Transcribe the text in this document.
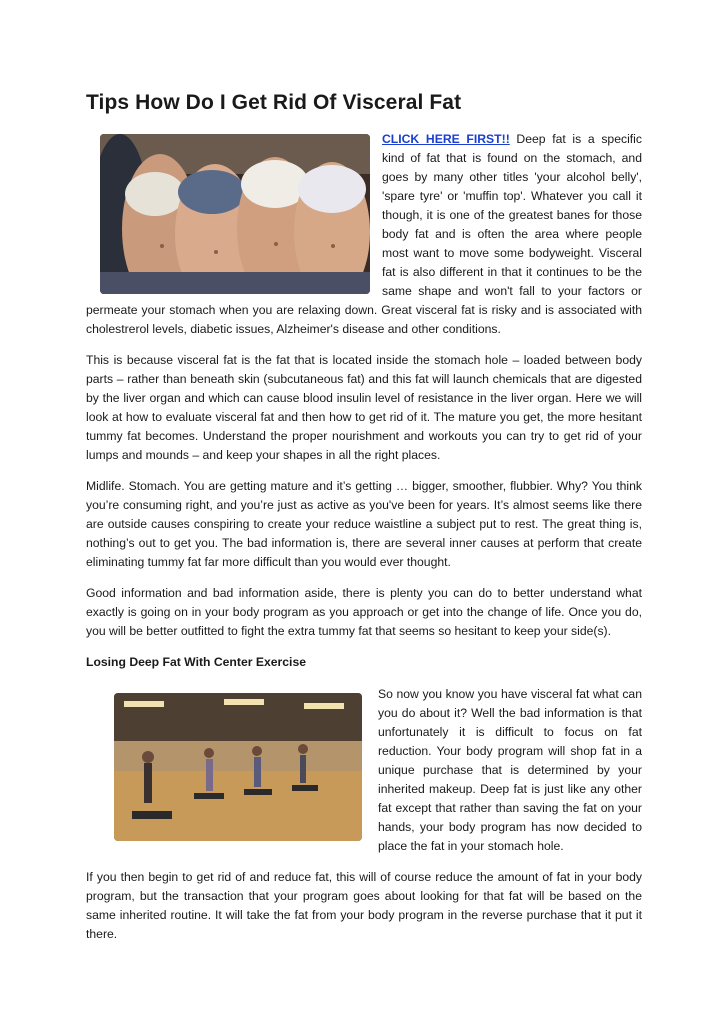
Tips How Do I Get Rid Of Visceral Fat

CLICK HERE FIRST!! Deep fat is a specific kind of fat that is found on the stomach, and goes by many other titles 'your alcohol belly', 'spare tyre' or 'muffin top'. Whatever you call it though, it is one of the greatest banes for those body fat and is often the area where people most want to move some bodyweight. Visceral fat is also different in that it continues to be the same shape and won't fall to your factors or permeate your stomach when you are relaxing down. Great visceral fat is risky and is associated with cholestrerol levels, diabetic issues, Alzheimer's disease and other conditions.

This is because visceral fat is the fat that is located inside the stomach hole – loaded between body parts – rather than beneath skin (subcutaneous fat) and this fat will launch chemicals that are digested by the liver organ and which can cause blood insulin level of resistance in the liver organ. Here we will look at how to evaluate visceral fat and then how to get rid of it. The mature you get, the more hesitant tummy fat becomes. Understand the proper nourishment and workouts you can try to get rid of your lumps and mounds – and keep your shapes in all the right places.

Midlife. Stomach. You are getting mature and it’s getting … bigger, smoother, flubbier. Why? You think you’re consuming right, and you’re just as active as you've been for years. It’s almost seems like there are outside causes conspiring to create your reduce waistline a subject put to rest. The great thing is, nothing’s out to get you. The bad information is, there are several inner causes at perform that create eliminating tummy fat far more difficult than you would ever thought.

Good information and bad information aside, there is plenty you can do to better understand what exactly is going on in your body program as you approach or get into the change of life. Once you do, you will be better outfitted to fight the extra tummy fat that seems so hesitant to keep your side(s).

Losing Deep Fat With Center Exercise

So now you know you have visceral fat what can you do about it? Well the bad information is that unfortunately it is difficult to focus on fat reduction. Your body program will shop fat in a unique purchase that is determined by your inherited makeup. Deep fat is just like any other fat except that rather than saving the fat on your hands, your body program has now decided to place the fat in your stomach hole.

If you then begin to get rid of and reduce fat, this will of course reduce the amount of fat in your body program, but the transaction that your program goes about looking for that fat will be based on the same inherited routine. It will take the fat from your body program in the reverse purchase that it put it there.
